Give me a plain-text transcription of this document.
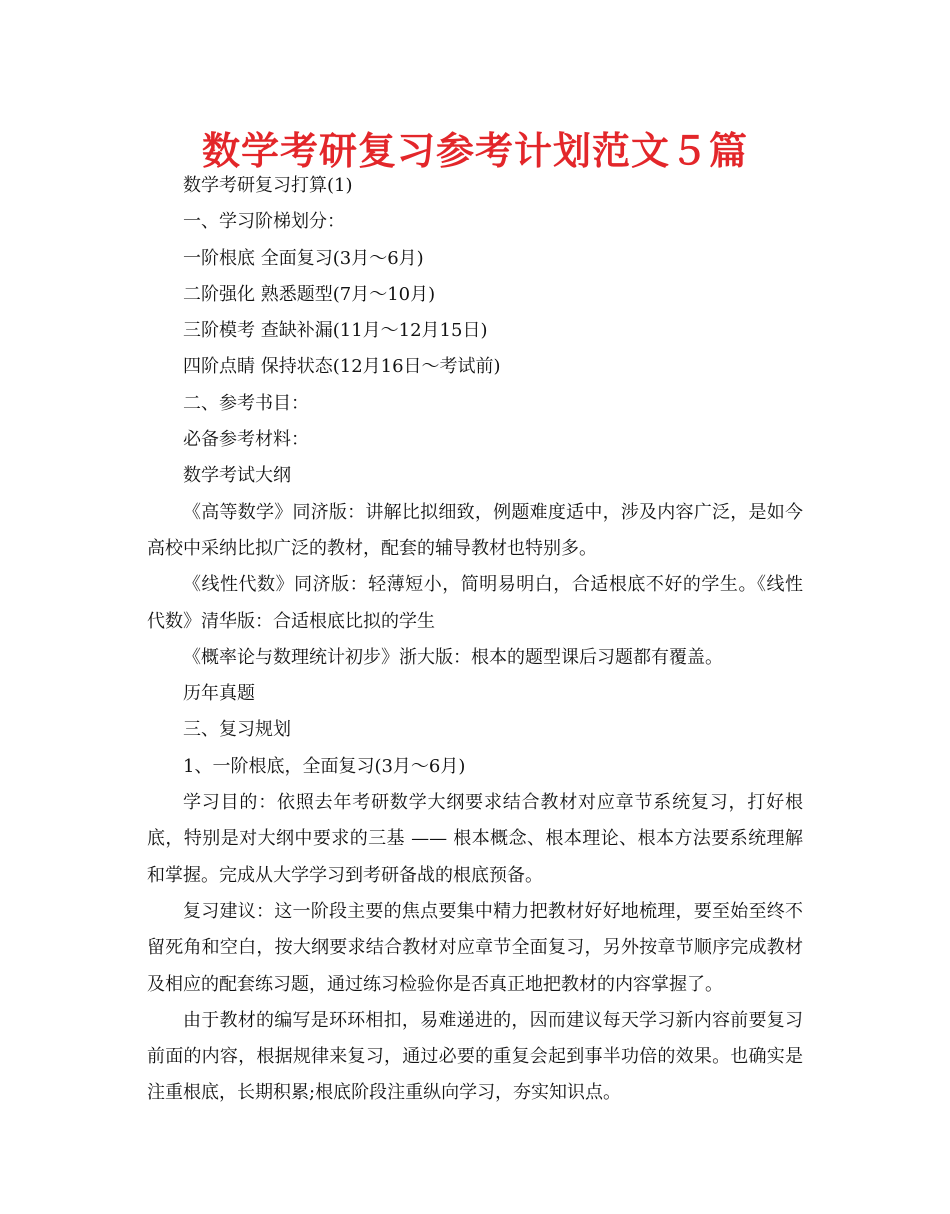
数学考研复习参考计划范文５篇

数学考研复习打算(1)

一、学习阶梯划分：

一阶根底 全面复习(3月～6月)

二阶强化 熟悉题型(7月～10月)

三阶模考 查缺补漏(11月～12月15日)

四阶点睛 保持状态(12月16日～考试前)

二、参考书目：

必备参考材料：

数学考试大纲

《高等数学》同济版：讲解比拟细致，例题难度适中，涉及内容广泛，是如今高校中采纳比拟广泛的教材，配套的辅导教材也特别多。

《线性代数》同济版：轻薄短小，简明易明白，合适根底不好的学生。《线性代数》清华版：合适根底比拟的学生

《概率论与数理统计初步》浙大版：根本的题型课后习题都有覆盖。

历年真题

三、复习规划

1、一阶根底，全面复习(3月～6月)

学习目的：依照去年考研数学大纲要求结合教材对应章节系统复习，打好根底，特别是对大纲中要求的三基 —— 根本概念、根本理论、根本方法要系统理解和掌握。完成从大学学习到考研备战的根底预备。

复习建议：这一阶段主要的焦点要集中精力把教材好好地梳理，要至始至终不留死角和空白，按大纲要求结合教材对应章节全面复习，另外按章节顺序完成教材及相应的配套练习题，通过练习检验你是否真正地把教材的内容掌握了。

由于教材的编写是环环相扣，易难递进的，因而建议每天学习新内容前要复习前面的内容，根据规律来复习，通过必要的重复会起到事半功倍的效果。也确实是注重根底，长期积累;根底阶段注重纵向学习，夯实知识点。
